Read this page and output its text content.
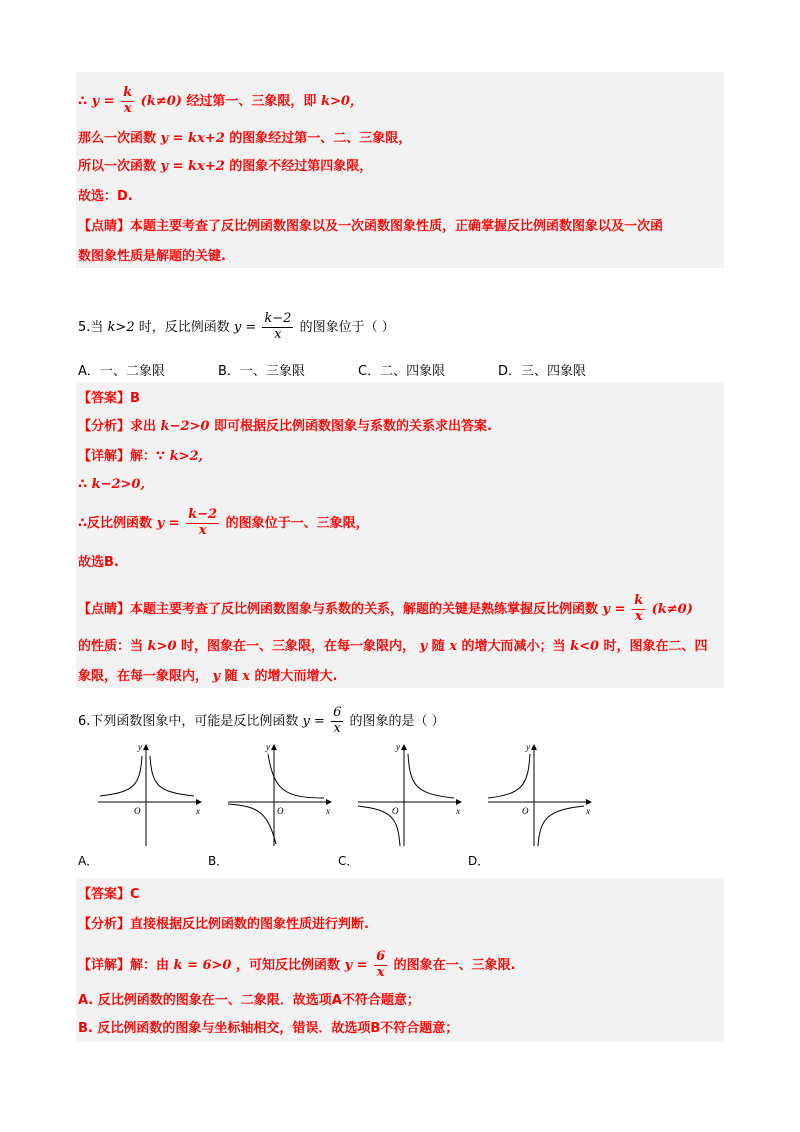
∴ $y = \frac{k}{x} (k\ne 0)$ 经过第一、三象限，即 k>0，
那么一次函数 y = kx+2 的图象经过第一、二、三象限，
所以一次函数 y = kx+2 的图象不经过第四象限，
故选：D.
【点睛】本题主要考查了反比例函数图象以及一次函数图象性质，正确掌握反比例函数图象以及一次函
数图象性质是解题的关键.
5.当 k>2 时，反比例函数 $y = \frac{k-2}{x}$ 的图象位于（ ）
A．一、二象限	B．一、三象限	C．二、四象限	D．三、四象限
【答案】B
【分析】求出 k−2>0 即可根据反比例函数图象与系数的关系求出答案.
【详解】解：∵ k>2,
∴ k−2>0,
∴反比例函数 $y = \frac{k-2}{x}$ 的图象位于一、三象限，
故选B.
【点睛】本题主要考查了反比例函数图象与系数的关系，解题的关键是熟练掌握反比例函数 $y = \frac{k}{x} (k\ne 0)$
的性质：当 k>0 时，图象在一、三象限，在每一象限内， y 随 x 的增大而减小；当 k<0 时，图象在二、四
象限，在每一象限内， y 随 x 的增大而增大.
6.下列函数图象中，可能是反比例函数 $y = \frac{6}{x}$ 的图象的是（ ）
y
x
O
y
x
O
y
x
O
y
x
O
A．	B．	C．	D．
【答案】C
【分析】直接根据反比例函数的图象性质进行判断.
【详解】解：由 k = 6>0 ，可知反比例函数 $y = \frac{6}{x}$ 的图象在一、三象限.
A. 反比例函数的图象在一、二象限．故选项A不符合题意；
B. 反比例函数的图象与坐标轴相交，错误．故选项B不符合题意；
